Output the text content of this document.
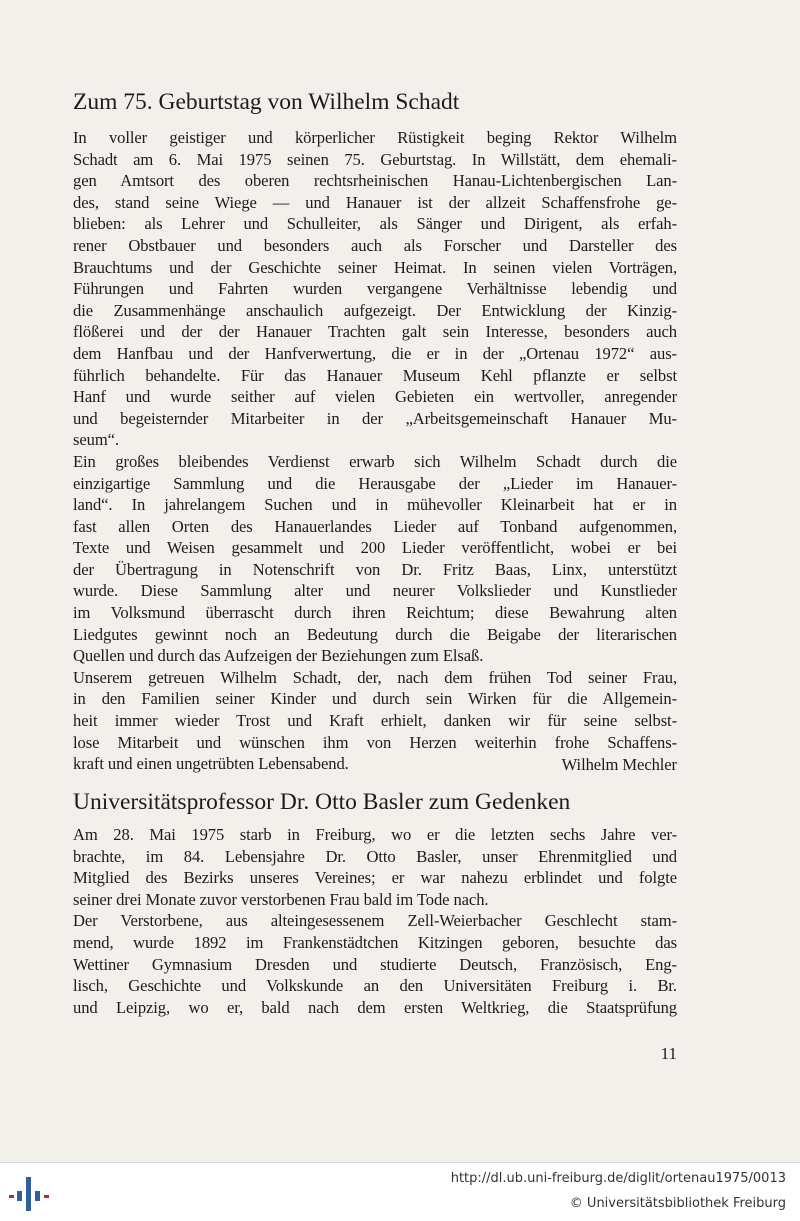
Zum 75. Geburtstag von Wilhelm Schadt
In voller geistiger und körperlicher Rüstigkeit beging Rektor Wilhelm
Schadt am 6. Mai 1975 seinen 75. Geburtstag. In Willstätt, dem ehemali-
gen Amtsort des oberen rechtsrheinischen Hanau-Lichtenbergischen Lan-
des, stand seine Wiege — und Hanauer ist der allzeit Schaffensfrohe ge-
blieben: als Lehrer und Schulleiter, als Sänger und Dirigent, als erfah-
rener Obstbauer und besonders auch als Forscher und Darsteller des
Brauchtums und der Geschichte seiner Heimat. In seinen vielen Vorträgen,
Führungen und Fahrten wurden vergangene Verhältnisse lebendig und
die Zusammenhänge anschaulich aufgezeigt. Der Entwicklung der Kinzig-
flößerei und der der Hanauer Trachten galt sein Interesse, besonders auch
dem Hanfbau und der Hanfverwertung, die er in der „Ortenau 1972“ aus-
führlich behandelte. Für das Hanauer Museum Kehl pflanzte er selbst
Hanf und wurde seither auf vielen Gebieten ein wertvoller, anregender
und begeisternder Mitarbeiter in der „Arbeitsgemeinschaft Hanauer Mu-
seum“.
Ein großes bleibendes Verdienst erwarb sich Wilhelm Schadt durch die
einzigartige Sammlung und die Herausgabe der „Lieder im Hanauer-
land“. In jahrelangem Suchen und in mühevoller Kleinarbeit hat er in
fast allen Orten des Hanauerlandes Lieder auf Tonband aufgenommen,
Texte und Weisen gesammelt und 200 Lieder veröffentlicht, wobei er bei
der Übertragung in Notenschrift von Dr. Fritz Baas, Linx, unterstützt
wurde. Diese Sammlung alter und neurer Volkslieder und Kunstlieder
im Volksmund überrascht durch ihren Reichtum; diese Bewahrung alten
Liedgutes gewinnt noch an Bedeutung durch die Beigabe der literarischen
Quellen und durch das Aufzeigen der Beziehungen zum Elsaß.
Unserem getreuen Wilhelm Schadt, der, nach dem frühen Tod seiner Frau,
in den Familien seiner Kinder und durch sein Wirken für die Allgemein-
heit immer wieder Trost und Kraft erhielt, danken wir für seine selbst-
lose Mitarbeit und wünschen ihm von Herzen weiterhin frohe Schaffens-
kraft und einen ungetrübten Lebensabend.	Wilhelm Mechler
Universitätsprofessor Dr. Otto Basler zum Gedenken
Am 28. Mai 1975 starb in Freiburg, wo er die letzten sechs Jahre ver-
brachte, im 84. Lebensjahre Dr. Otto Basler, unser Ehrenmitglied und
Mitglied des Bezirks unseres Vereines; er war nahezu erblindet und folgte
seiner drei Monate zuvor verstorbenen Frau bald im Tode nach.
Der Verstorbene, aus alteingesessenem Zell-Weierbacher Geschlecht stam-
mend, wurde 1892 im Frankenstädtchen Kitzingen geboren, besuchte das
Wettiner Gymnasium Dresden und studierte Deutsch, Französisch, Eng-
lisch, Geschichte und Volkskunde an den Universitäten Freiburg i. Br.
und Leipzig, wo er, bald nach dem ersten Weltkrieg, die Staatsprüfung
11
http://dl.ub.uni-freiburg.de/diglit/ortenau1975/0013
© Universitätsbibliothek Freiburg
